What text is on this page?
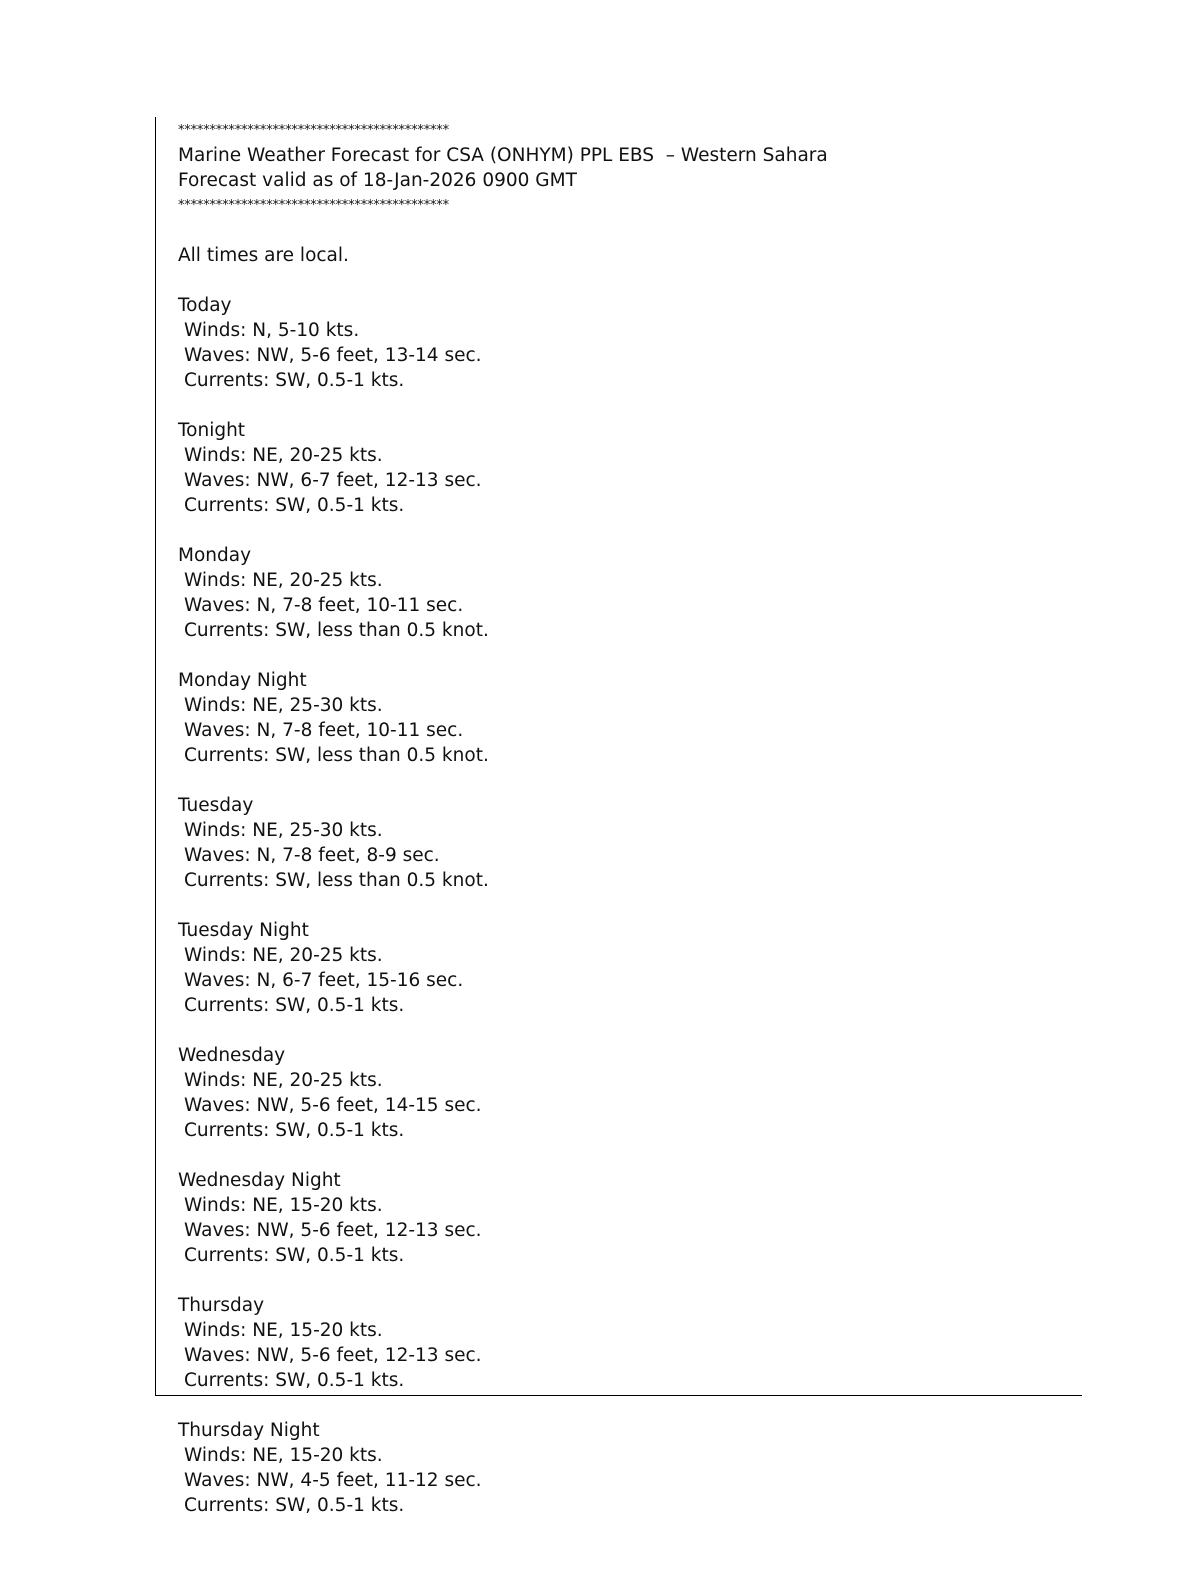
*******************************************
Marine Weather Forecast for CSA (ONHYM) PPL EBS  – Western Sahara
Forecast valid as of 18-Jan-2026 0900 GMT
*******************************************
All times are local.
Today
Winds: N, 5-10 kts.
Waves: NW, 5-6 feet, 13-14 sec.
Currents: SW, 0.5-1 kts.
Tonight
Winds: NE, 20-25 kts.
Waves: NW, 6-7 feet, 12-13 sec.
Currents: SW, 0.5-1 kts.
Monday
Winds: NE, 20-25 kts.
Waves: N, 7-8 feet, 10-11 sec.
Currents: SW, less than 0.5 knot.
Monday Night
Winds: NE, 25-30 kts.
Waves: N, 7-8 feet, 10-11 sec.
Currents: SW, less than 0.5 knot.
Tuesday
Winds: NE, 25-30 kts.
Waves: N, 7-8 feet, 8-9 sec.
Currents: SW, less than 0.5 knot.
Tuesday Night
Winds: NE, 20-25 kts.
Waves: N, 6-7 feet, 15-16 sec.
Currents: SW, 0.5-1 kts.
Wednesday
Winds: NE, 20-25 kts.
Waves: NW, 5-6 feet, 14-15 sec.
Currents: SW, 0.5-1 kts.
Wednesday Night
Winds: NE, 15-20 kts.
Waves: NW, 5-6 feet, 12-13 sec.
Currents: SW, 0.5-1 kts.
Thursday
Winds: NE, 15-20 kts.
Waves: NW, 5-6 feet, 12-13 sec.
Currents: SW, 0.5-1 kts.
Thursday Night
Winds: NE, 15-20 kts.
Waves: NW, 4-5 feet, 11-12 sec.
Currents: SW, 0.5-1 kts.
